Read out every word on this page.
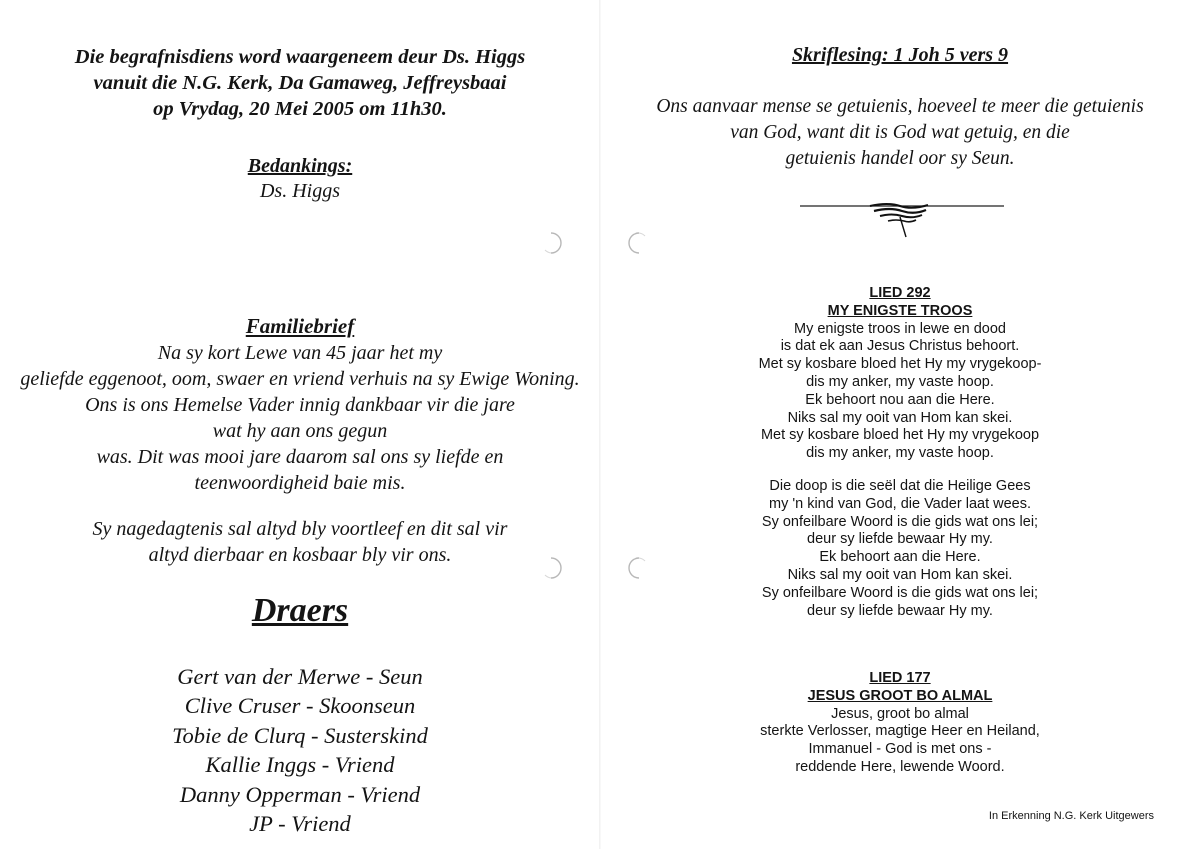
Die begrafnisdiens word waargeneem deur Ds. Higgs
vanuit die N.G. Kerk, Da Gamaweg, Jeffreysbaai
op Vrydag, 20 Mei 2005 om 11h30.
Bedankings:
Ds. Higgs
Familiebrief
Na sy kort Lewe van 45 jaar het my
geliefde eggenoot, oom, swaer en vriend verhuis na sy Ewige Woning.
Ons is ons Hemelse Vader innig dankbaar vir die jare
wat hy aan ons gegun
was. Dit was mooi jare daarom sal ons sy liefde en
teenwoordigheid baie mis.
Sy nagedagtenis sal altyd bly voortleef en dit sal vir
altyd dierbaar en kosbaar bly vir ons.
Draers
Gert van der Merwe - Seun
Clive Cruser - Skoonseun
Tobie de Clurq - Susterskind
Kallie Inggs - Vriend
Danny Opperman - Vriend
JP - Vriend
Skriflesing: 1 Joh 5 vers 9
Ons aanvaar mense se getuienis, hoeveel te meer die getuienis
van God, want dit is God wat getuig, en die
getuienis handel oor sy Seun.
LIED 292
MY ENIGSTE TROOS
My enigste troos in lewe en dood
is dat ek aan Jesus Christus behoort.
Met sy kosbare bloed het Hy my vrygekoop-
dis my anker, my vaste hoop.
Ek behoort nou aan die Here.
Niks sal my ooit van Hom kan skei.
Met sy kosbare bloed het Hy my vrygekoop
dis my anker, my vaste hoop.
Die doop is die seël dat die Heilige Gees
my 'n kind van God, die Vader laat wees.
Sy onfeilbare Woord is die gids wat ons lei;
deur sy liefde bewaar Hy my.
Ek behoort aan die Here.
Niks sal my ooit van Hom kan skei.
Sy onfeilbare Woord is die gids wat ons lei;
deur sy liefde bewaar Hy my.
LIED 177
JESUS GROOT BO ALMAL
Jesus, groot bo almal
sterkte Verlosser, magtige Heer en Heiland,
Immanuel - God is met ons -
reddende Here, lewende Woord.
In Erkenning N.G. Kerk Uitgewers
